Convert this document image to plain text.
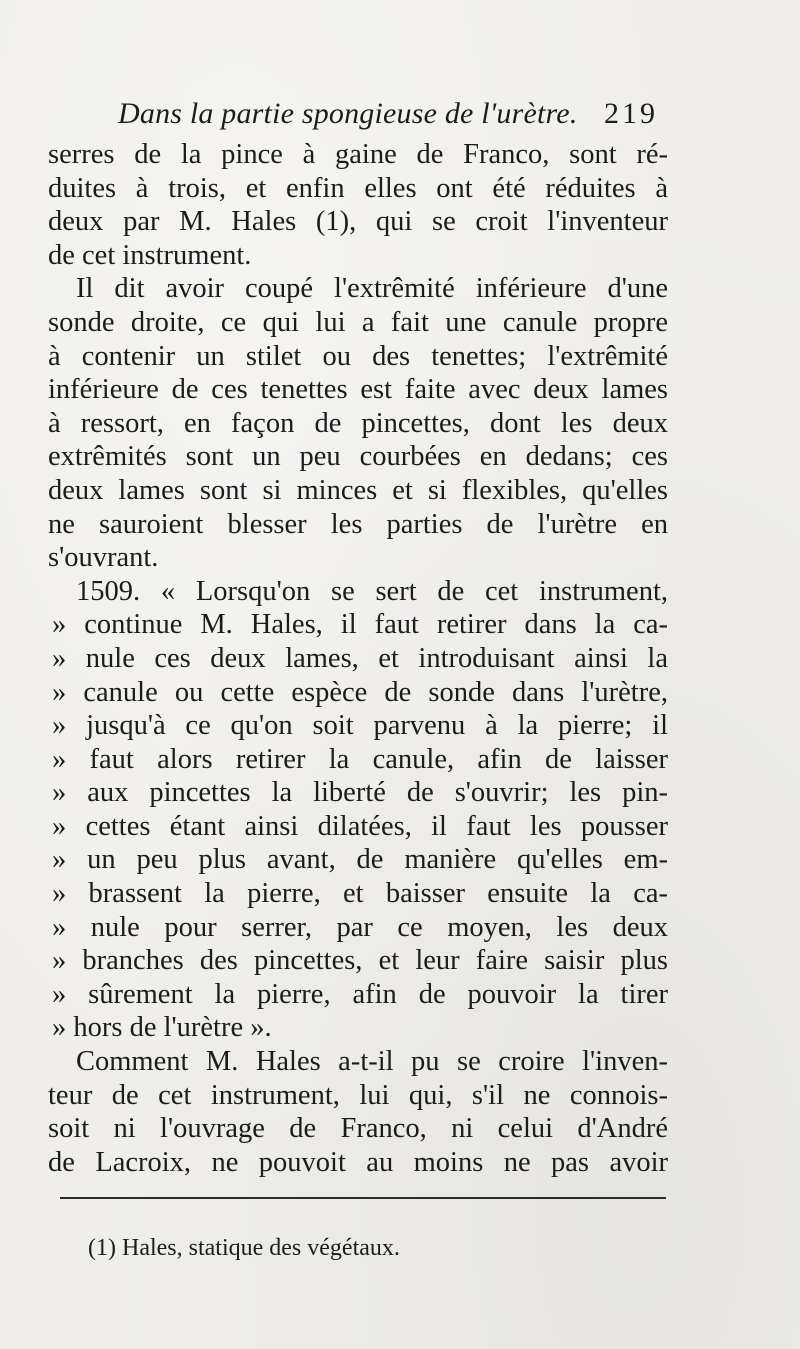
Dans la partie spongieuse de l'urètre. 219
serres de la pince à gaine de Franco, sont ré-
duites à trois, et enfin elles ont été réduites à
deux par M. Hales (1), qui se croit l'inventeur
de cet instrument.
Il dit avoir coupé l'extrêmité inférieure d'une
sonde droite, ce qui lui a fait une canule propre
à contenir un stilet ou des tenettes; l'extrêmité
inférieure de ces tenettes est faite avec deux lames
à ressort, en façon de pincettes, dont les deux
extrêmités sont un peu courbées en dedans; ces
deux lames sont si minces et si flexibles, qu'elles
ne sauroient blesser les parties de l'urètre en
s'ouvrant.
1509. « Lorsqu'on se sert de cet instrument,
» continue M. Hales, il faut retirer dans la ca-
» nule ces deux lames, et introduisant ainsi la
» canule ou cette espèce de sonde dans l'urètre,
» jusqu'à ce qu'on soit parvenu à la pierre; il
» faut alors retirer la canule, afin de laisser
» aux pincettes la liberté de s'ouvrir; les pin-
» cettes étant ainsi dilatées, il faut les pousser
» un peu plus avant, de manière qu'elles em-
» brassent la pierre, et baisser ensuite la ca-
» nule pour serrer, par ce moyen, les deux
» branches des pincettes, et leur faire saisir plus
» sûrement la pierre, afin de pouvoir la tirer
» hors de l'urètre ».
Comment M. Hales a-t-il pu se croire l'inven-
teur de cet instrument, lui qui, s'il ne connois-
soit ni l'ouvrage de Franco, ni celui d'André
de Lacroix, ne pouvoit au moins ne pas avoir
(1) Hales, statique des végétaux.
